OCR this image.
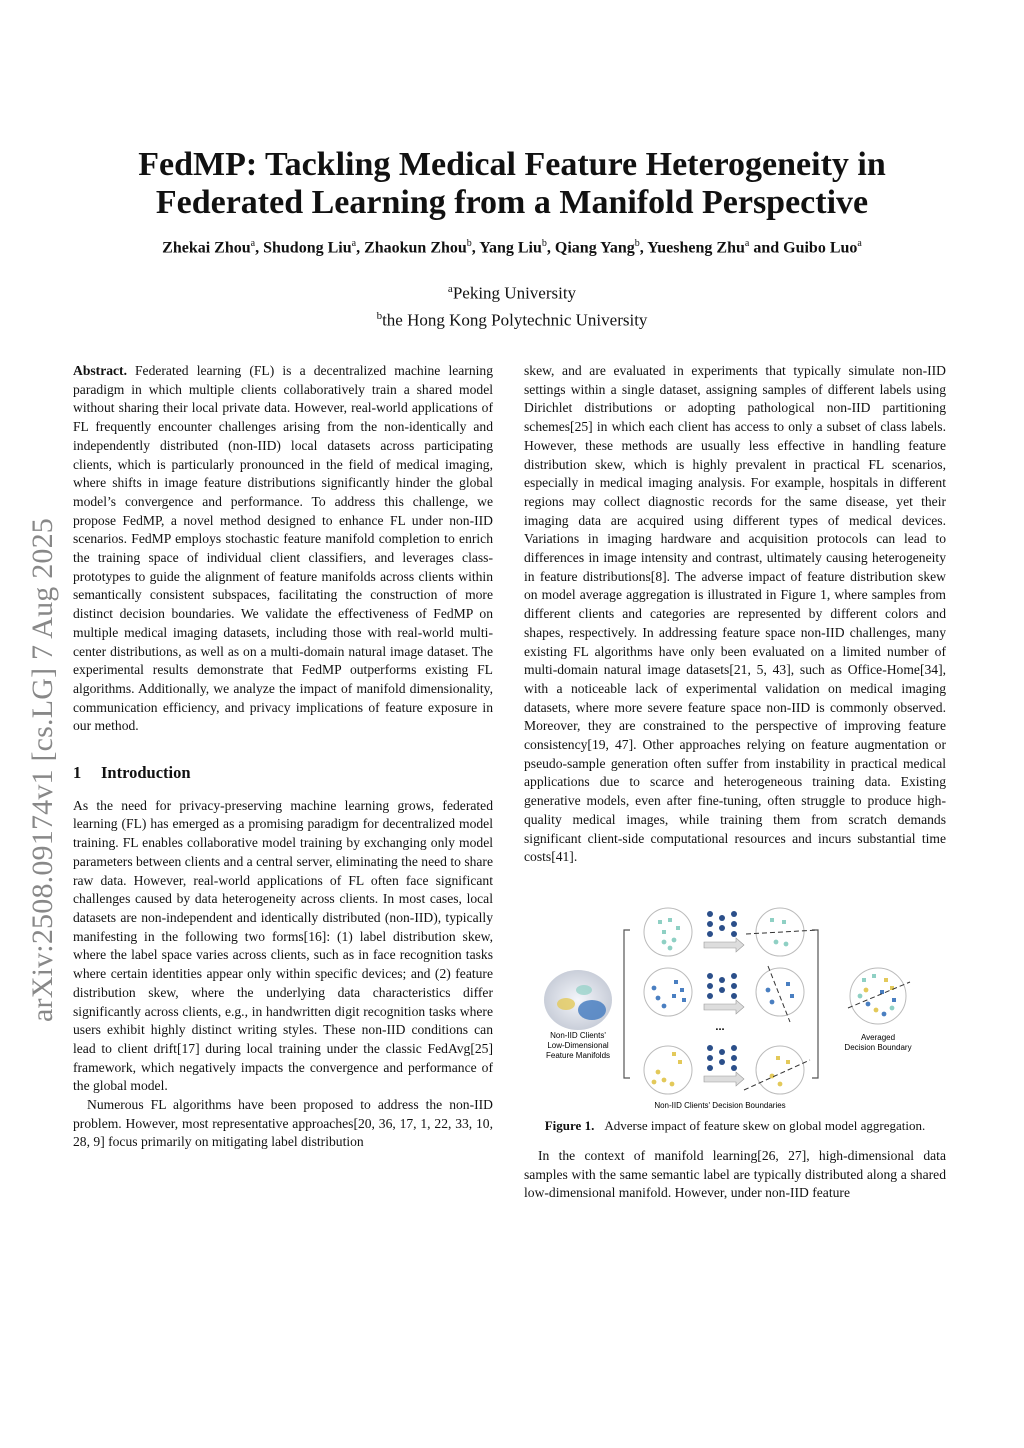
FedMP: Tackling Medical Feature Heterogeneity in
Federated Learning from a Manifold Perspective
Zhekai Zhou$^a$, Shudong Liu$^a$, Zhaokun Zhou$^b$, Yang Liu$^b$, Qiang Yang$^b$, Yuesheng Zhu$^a$ and Guibo Luo$^a$
$^a$Peking University
$^b$the Hong Kong Polytechnic University
arXiv:2508.09174v1 [cs.LG] 7 Aug 2025

Abstract. Federated learning (FL) is a decentralized machine learning paradigm in which multiple clients collaboratively train a shared model without sharing their local private data. However, real-world applications of FL frequently encounter challenges arising from the non-identically and independently distributed (non-IID) local datasets across participating clients, which is particularly pronounced in the field of medical imaging, where shifts in image feature distributions significantly hinder the global model’s convergence and performance. To address this challenge, we propose FedMP, a novel method designed to enhance FL under non-IID scenarios. FedMP employs stochastic feature manifold completion to enrich the training space of individual client classifiers, and leverages class-prototypes to guide the alignment of feature manifolds across clients within semantically consistent subspaces, facilitating the construction of more distinct decision boundaries. We validate the effectiveness of FedMP on multiple medical imaging datasets, including those with real-world multi-center distributions, as well as on a multi-domain natural image dataset. The experimental results demonstrate that FedMP outperforms existing FL algorithms. Additionally, we analyze the impact of manifold dimensionality, communication efficiency, and privacy implications of feature exposure in our method.

1 Introduction

As the need for privacy-preserving machine learning grows, federated learning (FL) has emerged as a promising paradigm for decentralized model training. FL enables collaborative model training by exchanging only model parameters between clients and a central server, eliminating the need to share raw data. However, real-world applications of FL often face significant challenges caused by data heterogeneity across clients. In most cases, local datasets are non-independent and identically distributed (non-IID), typically manifesting in the following two forms[16]: (1) label distribution skew, where the label space varies across clients, such as in face recognition tasks where certain identities appear only within specific devices; and (2) feature distribution skew, where the underlying data characteristics differ significantly across clients, e.g., in handwritten digit recognition tasks where users exhibit highly distinct writing styles. These non-IID conditions can lead to client drift[17] during local training under the classic FedAvg[25] framework, which negatively impacts the convergence and performance of the global model.

Numerous FL algorithms have been proposed to address the non-IID problem. However, most representative approaches[20, 36, 17, 1, 22, 33, 10, 28, 9] focus primarily on mitigating label distribution

skew, and are evaluated in experiments that typically simulate non-IID settings within a single dataset, assigning samples of different labels using Dirichlet distributions or adopting pathological non-IID partitioning schemes[25] in which each client has access to only a subset of class labels. However, these methods are usually less effective in handling feature distribution skew, which is highly prevalent in practical FL scenarios, especially in medical imaging analysis. For example, hospitals in different regions may collect diagnostic records for the same disease, yet their imaging data are acquired using different types of medical devices. Variations in imaging hardware and acquisition protocols can lead to differences in image intensity and contrast, ultimately causing heterogeneity in feature distributions[8]. The adverse impact of feature distribution skew on model average aggregation is illustrated in Figure 1, where samples from different clients and categories are represented by different colors and shapes, respectively. In addressing feature space non-IID challenges, many existing FL algorithms have only been evaluated on a limited number of multi-domain natural image datasets[21, 5, 43], such as Office-Home[34], with a noticeable lack of experimental validation on medical imaging datasets, where more severe feature space non-IID is commonly observed. Moreover, they are constrained to the perspective of improving feature consistency[19, 47]. Other approaches relying on feature augmentation or pseudo-sample generation often suffer from instability in practical medical applications due to scarce and heterogeneous training data. Existing generative models, even after fine-tuning, often struggle to produce high-quality medical images, while training them from scratch demands significant client-side computational resources and incurs substantial time costs[41].

Non-IID Clients'
Low-Dimensional
Feature Manifolds
...
Non-IID Clients' Decision Boundaries
Averaged
Decision Boundary
Figure 1. Adverse impact of feature skew on global model aggregation.

In the context of manifold learning[26, 27], high-dimensional data samples with the same semantic label are typically distributed along a shared low-dimensional manifold. However, under non-IID feature
